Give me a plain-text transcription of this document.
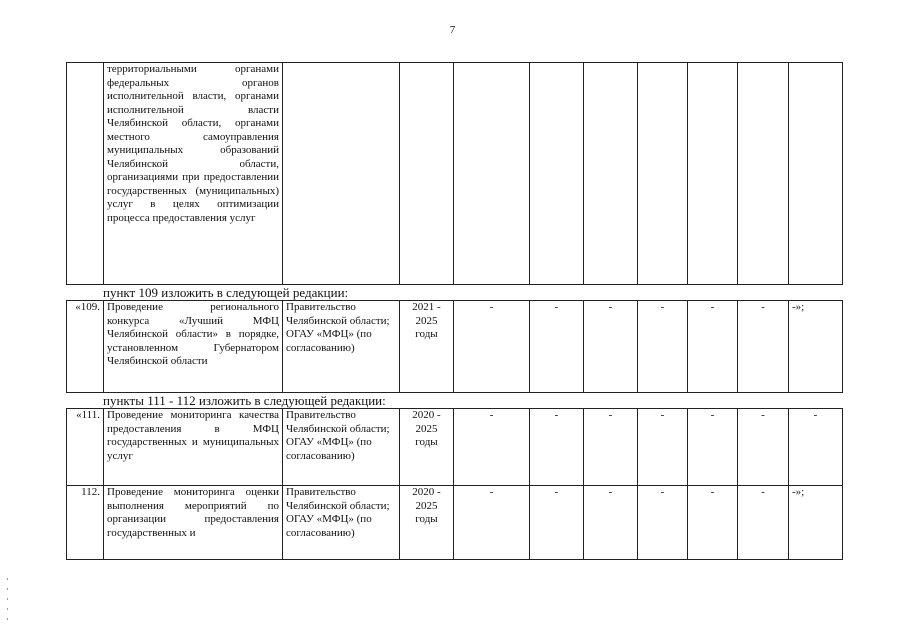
7
	территориальными органами федеральных органов исполнительной власти, органами исполнительной власти Челябинской области, органами местного самоуправления муниципальных образований Челябинской области, организациями при предоставлении государственных (муниципальных) услуг в целях оптимизации процесса предоставления услуг									
пункт 109 изложить в следующей редакции:
«109.	Проведение регионального конкурса «Лучший МФЦ Челябинской области» в порядке, установленном Губернатором Челябинской области	Правительство Челябинской области; ОГАУ «МФЦ» (по согласованию)	2021 - 2025 годы	-	-	-	-	-	-	-»;
пункты 111 - 112 изложить в следующей редакции:
«111.	Проведение мониторинга качества предоставления в МФЦ государственных и муниципальных услуг	Правительство Челябинской области; ОГАУ «МФЦ» (по согласованию)	2020 - 2025 годы	-	-	-	-	-	-	-
112.	Проведение мониторинга оценки выполнения мероприятий по организации предоставления государственных и	Правительство Челябинской области; ОГАУ «МФЦ» (по согласованию)	2020 - 2025 годы	-	-	-	-	-	-	-»;
